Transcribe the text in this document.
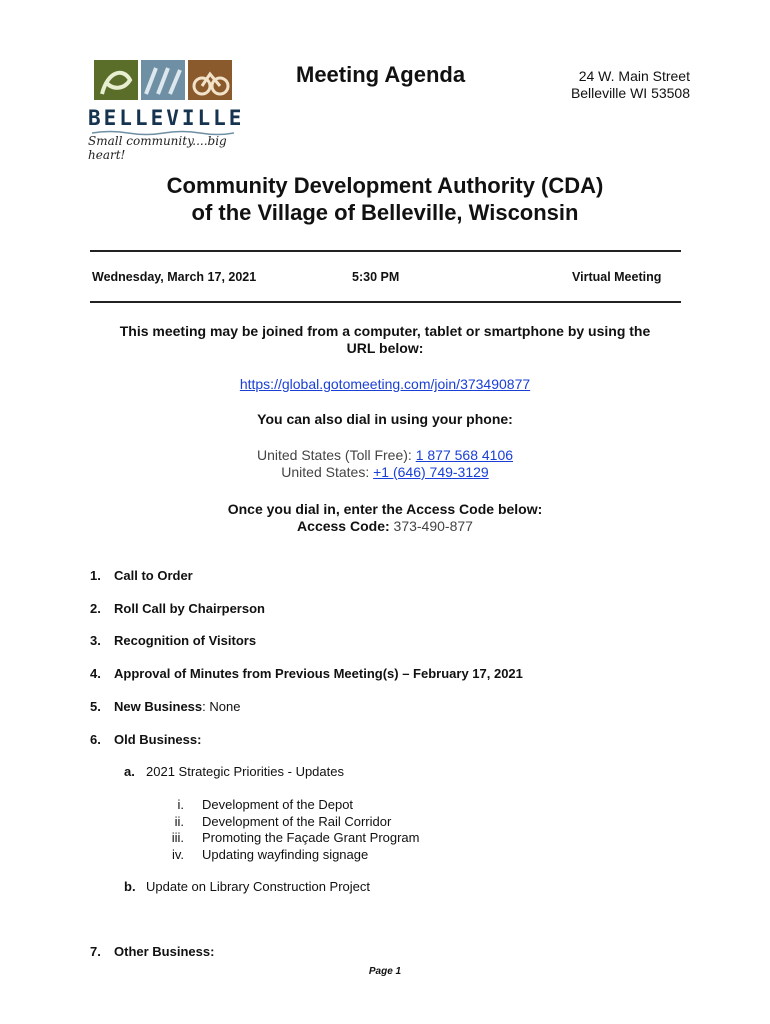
BELLEVILLE
Small community....big heart!
Meeting Agenda	24 W. Main Street
Belleville WI 53508
Community Development Authority (CDA)
of the Village of Belleville, Wisconsin
Wednesday, March 17, 2021	5:30 PM	Virtual Meeting
This meeting may be joined from a computer, tablet or smartphone by using the
URL below:
https://global.gotomeeting.com/join/373490877
You can also dial in using your phone:
United States (Toll Free): 1 877 568 4106
United States: +1 (646) 749-3129
Once you dial in, enter the Access Code below:
Access Code: 373-490-877
1. Call to Order
2. Roll Call by Chairperson
3. Recognition of Visitors
4. Approval of Minutes from Previous Meeting(s) – February 17, 2021
5. New Business: None
6. Old Business:
a. 2021 Strategic Priorities - Updates
i. Development of the Depot
ii. Development of the Rail Corridor
iii. Promoting the Façade Grant Program
iv. Updating wayfinding signage
b. Update on Library Construction Project
7. Other Business:
Page 1
